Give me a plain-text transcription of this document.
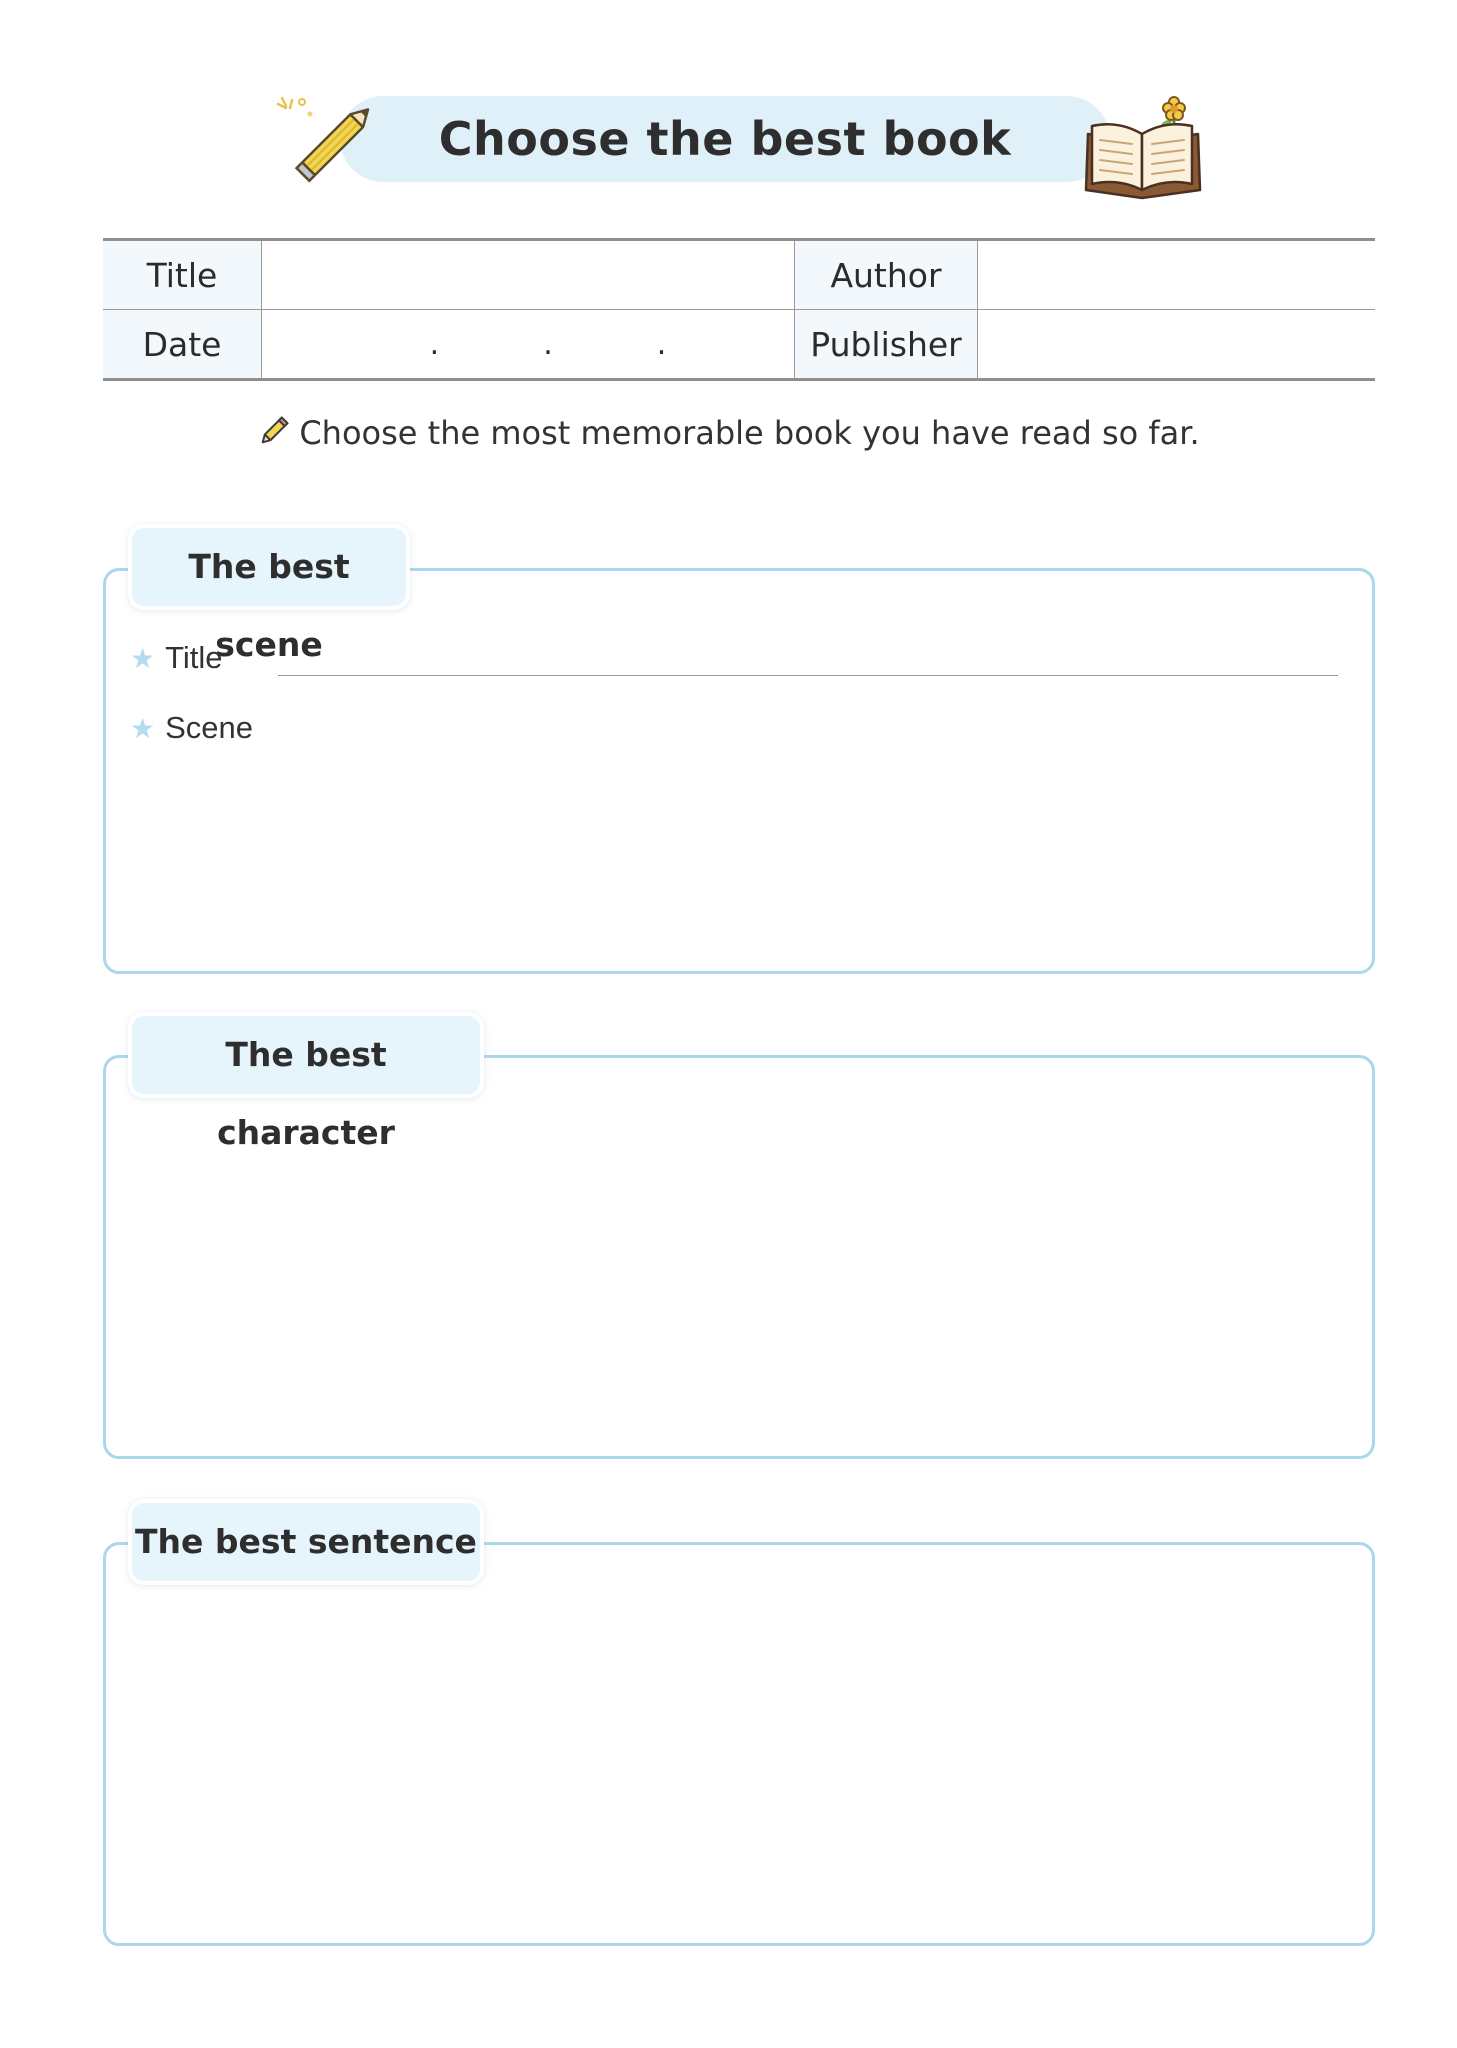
Choose the best book
Title		Author	
Date	. . .	Publisher	
Choose the most memorable book you have read so far.
The best scene
★ Title
★ Scene
The best character
The best sentence
